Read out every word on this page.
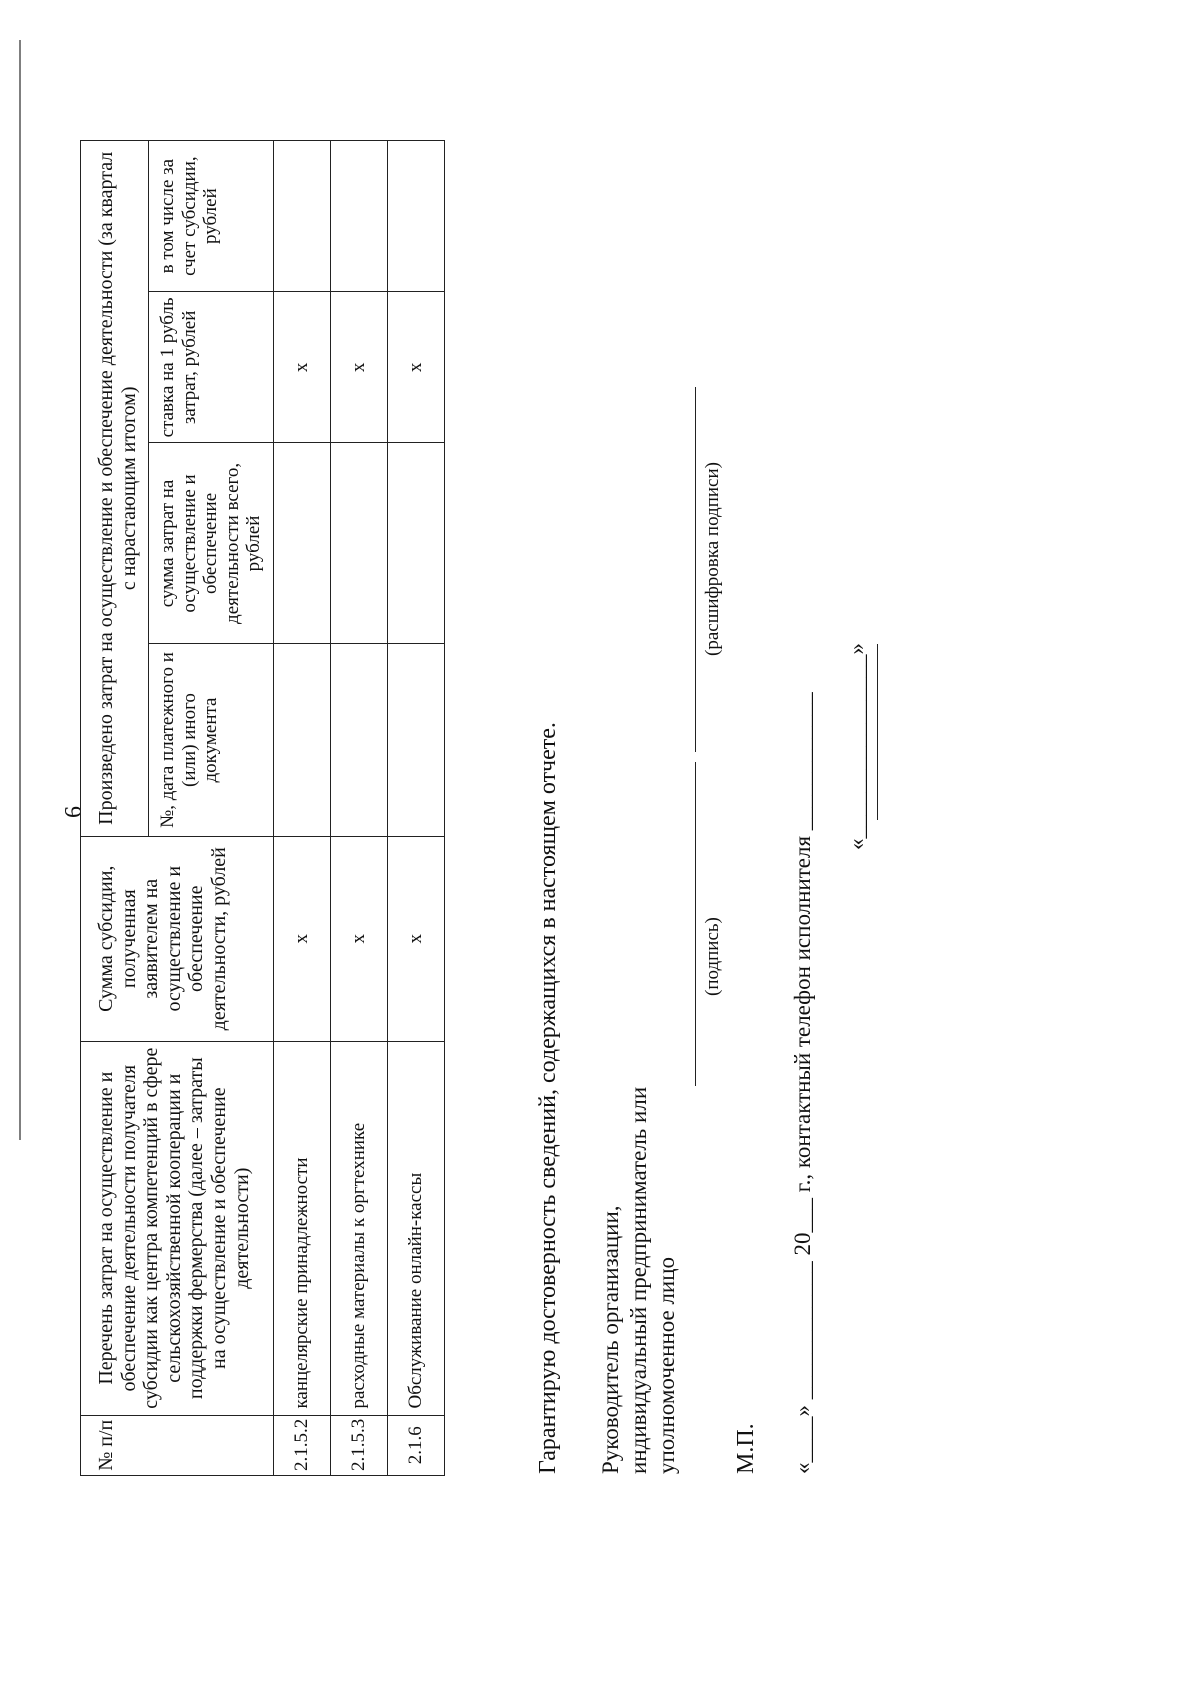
6
№ п/п	Перечень затрат на осуществление и обеспечение деятельности получателя субсидии как центра компетенций в сфере сельскохозяйственной кооперации и поддержки фермерства (далее – затраты на осуществление и обеспечение деятельности)	Сумма субсидии, полученная заявителем на осуществление и обеспечение деятельности, рублей	Произведено затрат на осуществление и обеспечение деятельности (за квартал с нарастающим итогом)			
			№, дата платежного и (или) иного документа	сумма затрат на осуществление и обеспечение деятельности всего, рублей	ставка на 1 рубль затрат, рублей	в том числе за счет субсидии, рублей
2.1.5.2	канцелярские принадлежности	х			х	
2.1.5.3	расходные материалы к оргтехнике	х			х	
2.1.6	Обслуживание онлайн-кассы	х			х	
Гарантирую достоверность сведений, содержащихся в настоящем отчете. Руководитель организации, индивидуальный предприниматель или уполномоченное лицо
(подпись)
(расшифровка подписи)
М.П. «____» ____________ 20___ г., контактный телефон исполнителя ____________ «________________»
